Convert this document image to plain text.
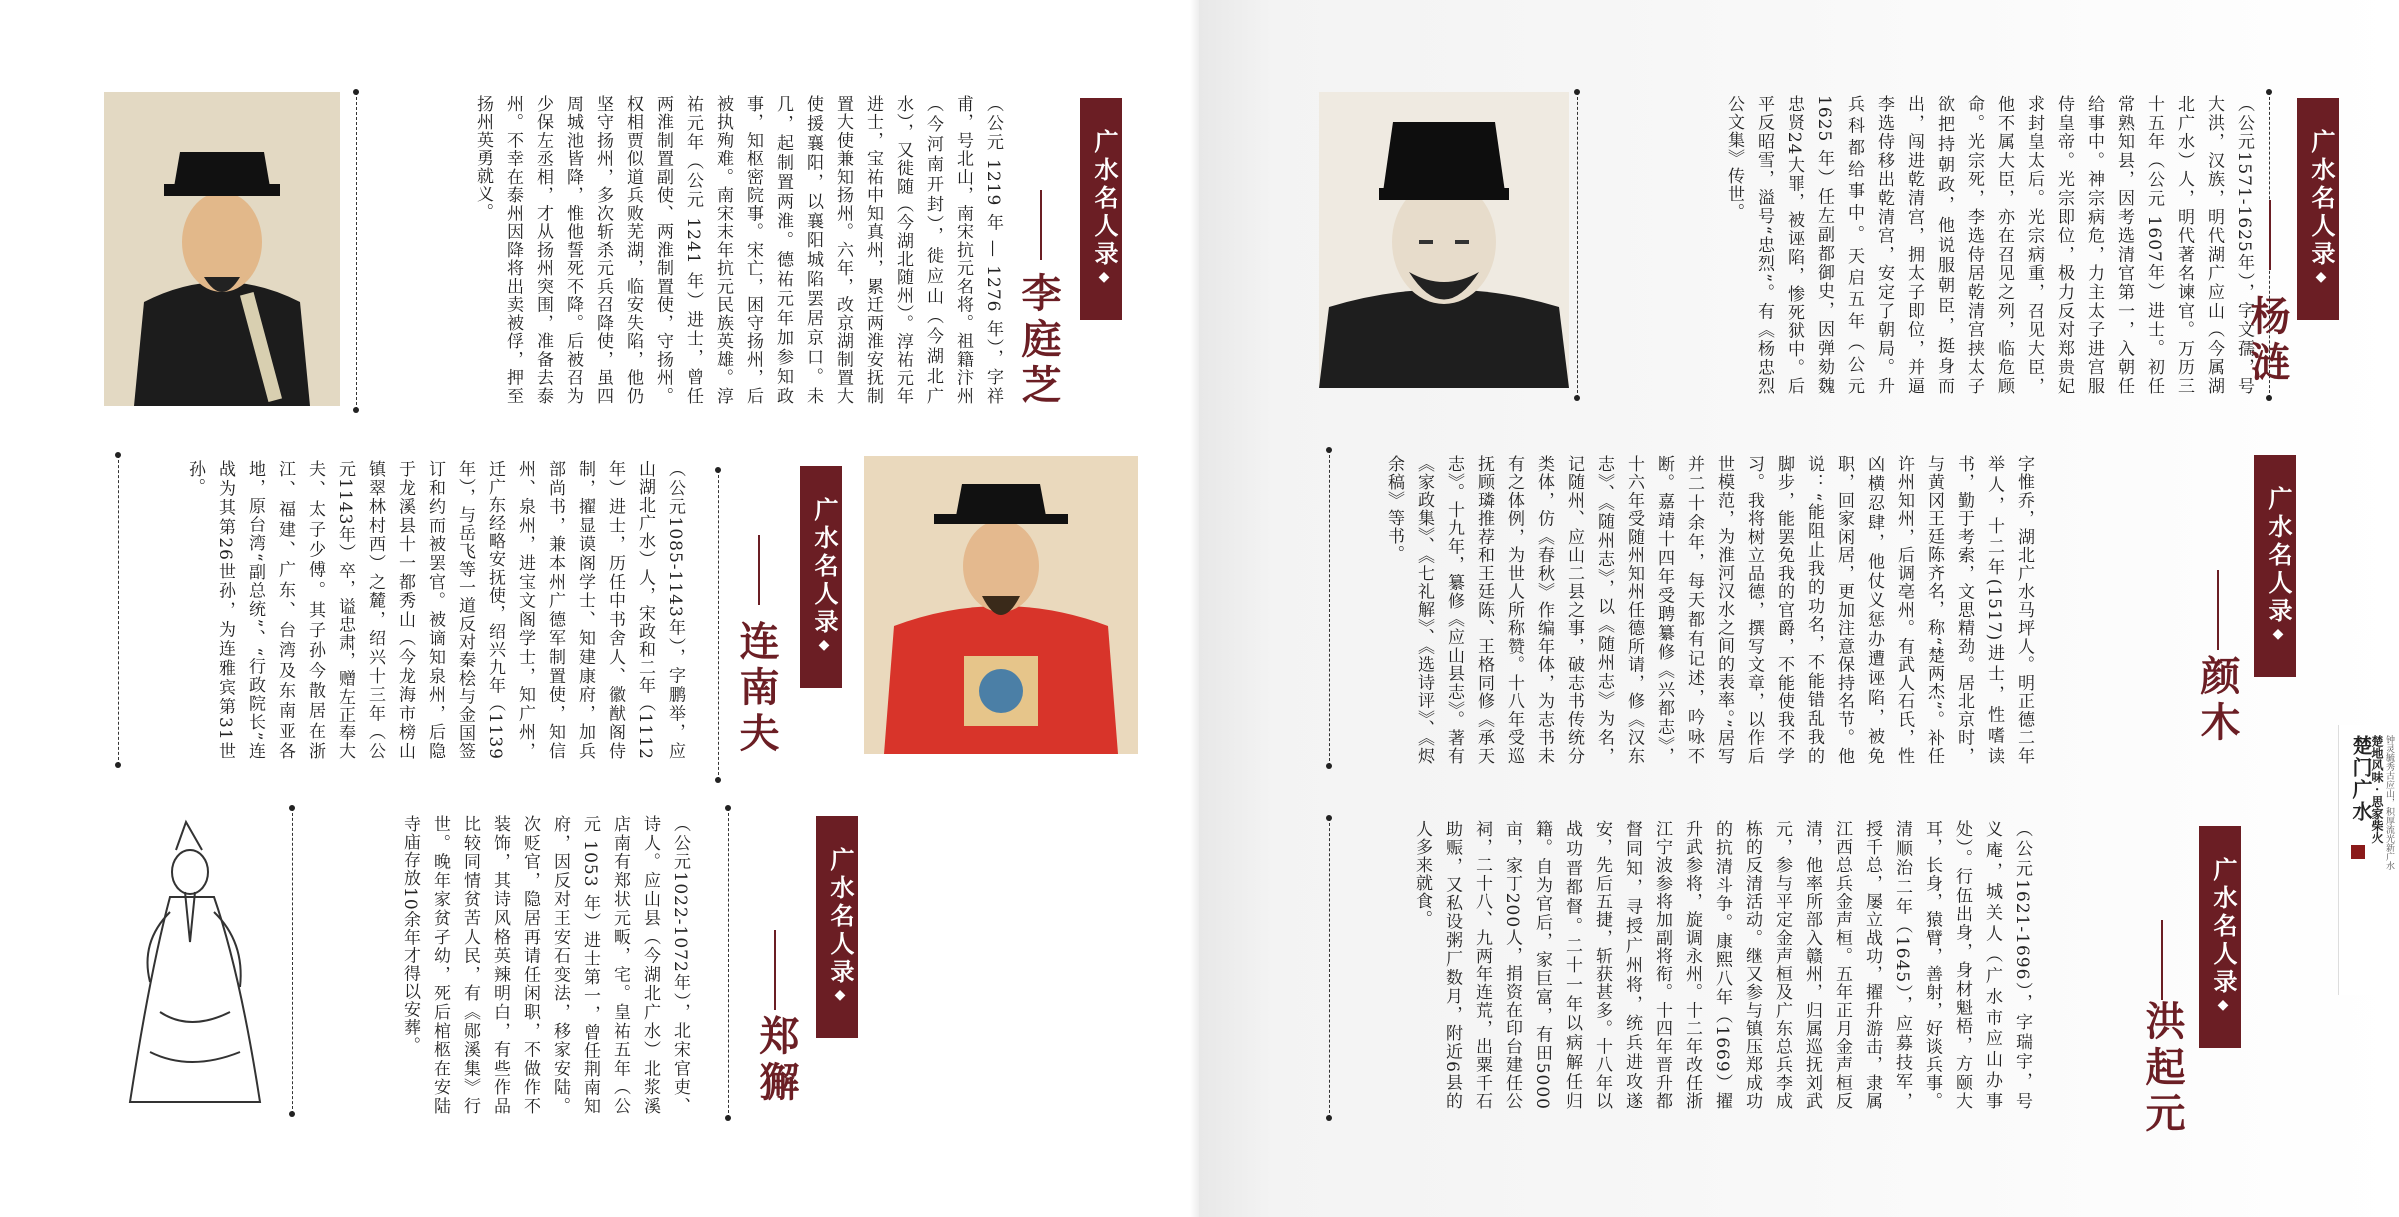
（公元 1219 年 — 1276 年），字祥甫，号北山，南宋抗元名将。祖籍汴州（今河南开封），徙应山（今湖北广水），又徙随（今湖北随州）。淳祐元年进士，宝祐中知真州，累迁两淮安抚制置大使兼知扬州。六年，改京湖制置大使援襄阳，以襄阳城陷罢居京口。未几，起制置两淮。德祐元年加参知政事，知枢密院事。宋亡，困守扬州，后被执殉难。南宋末年抗元民族英雄。淳祐元年（公元 1241 年）进士，曾任两淮制置副使、两淮制置使，守扬州。权相贾似道兵败芜湖，临安失陷，他仍坚守扬州，多次斩杀元兵召降使，虽四周城池皆降，惟他誓死不降。后被召为少保左丞相，才从扬州突围，准备去泰州。不幸在泰州因降将出卖被俘，押至扬州英勇就义。	广水名人录◆
李庭芝
（公元1085-1143年），字鹏举，应山湖北广水）人，宋政和二年（1112年）进士，历任中书舍人、徽猷阁侍制，擢显谟阁学士、知建康府，加兵部尚书，兼本州广德军制置使，知信州、泉州，进宝文阁学士，知广州，迁广东经略安抚使，绍兴九年（1139年），与岳飞等一道反对秦桧与金国签订和约而被罢官。被谪知泉州，后隐于龙溪县十一都秀山（今龙海市榜山镇翠林村西）之麓，绍兴十三年（公元1143年）卒，谥忠肃，赠左正奉大夫、太子少傅。其子孙今散居在浙江、福建、广东、台湾及东南亚各地，原台湾“副总统”、“行政院长”连战为其第26世孙，为连雅宾第31世孙。
广水名人录◆
连南夫
（公元1022-1072年），北宋官吏、诗人。应山县（今湖北广水）北浆溪店南有郑状元畈，宅。皇祐五年（公元 1053 年）进士第一，曾任荆南知府，因反对王安石变法，移家安陆。次贬官，隐居再请任闲职，不做作不装饰，其诗风格英辣明白，有些作品比较同情贫苦人民，有《郧溪集》行世。晚年家贫孑幼，死后棺柩在安陆寺庙存放10余年才得以安葬。	广水名人录◆
郑獬
（公元1571-1625年），字文孺，号大洪，汉族，明代湖广应山（今属湖北广水）人，明代著名谏官。万历三十五年（公元 1607年）进士。初任常熟知县，因考选清官第一，入朝任给事中。神宗病危，力主太子进宫服侍皇帝。光宗即位，极力反对郑贵妃求封皇太后。光宗病重，召见大臣，他不属大臣，亦在召见之列，临危顾命。光宗死，李选侍居乾清宫挟太子欲把持朝政，他说服朝臣，挺身而出，闯进乾清宫，拥太子即位，并逼李选侍移出乾清宫，安定了朝局。升兵科都给事中。天启五年（公元 1625 年）任左副都御史，因弹劾魏忠贤24大罪，被诬陷，惨死狱中。后平反昭雪，溢号“忠烈”。有《杨忠烈公文集》传世。	广水名人录◆
杨涟
字惟乔，湖北广水马坪人。明正德二年举人，十二年(1517)进士，性嗜读书，勤于考索，文思精劲。居北京时，与黄冈王廷陈齐名，称“楚两杰”。补任许州知州，后调亳州。有武人石氏，性凶横忍肆，他仗义惩办遭诬陷，被免职，回家闲居，更加注意保持名节。他说：“能阻止我的功名，不能错乱我的脚步，能罢免我的官爵，不能使我不学习。我将树立品德，撰写文章，以作后世模范，为淮河汉水之间的表率。”居写并二十余年，每天都有记述，吟咏不断。嘉靖十四年受聘纂修《兴都志》，十六年受随州知州任德所请，修《汉东志》、《随州志》，以《随州志》为名，记随州、应山二县之事，破志书传统分类体，仿《春秋》作编年体，为志书未有之体例，为世人所称赞。十八年受巡抚顾璘推荐和王廷陈、王格同修《承天志》。十九年，纂修《应山县志》。著有《家政集》、《七礼解》、《选诗评》、《烬余稿》等书。	广水名人录◆
颜木
（公元1621-1696），字瑞宇，号义庵，城关人（广水市应山办事处）。行伍出身，身材魁梧，方颐大耳，长身，猿臂，善射，好谈兵事。清顺治二年（1645），应募技军，授千总，屡立战功，擢升游击，隶属江西总兵金声桓。五年正月金声桓反清，他率所部入赣州，归属巡抚刘武元，参与平定金声桓及广东总兵李成栋的反清活动。继又参与镇压郑成功的抗清斗争。康熙八年（1669）擢升武参将，旋调永州。十二年改任浙江宁波参将加副将衔。十四年晋升都督同知，寻授广州将，统兵进攻遂安，先后五捷，斩获甚多。十八年以战功晋都督。二十一年以病解任归籍。自为官后，家巨富，有田5000亩，家丁200人，捐资在印台建任公祠，二十八、九两年连荒，出粟千石助赈，又私设粥厂数月，附近6县的人多来就食。	广水名人录◆
洪起元
楚门广水
楚地风味 · 思家柴火 钟灵毓秀古应山，积厚流光新广水
